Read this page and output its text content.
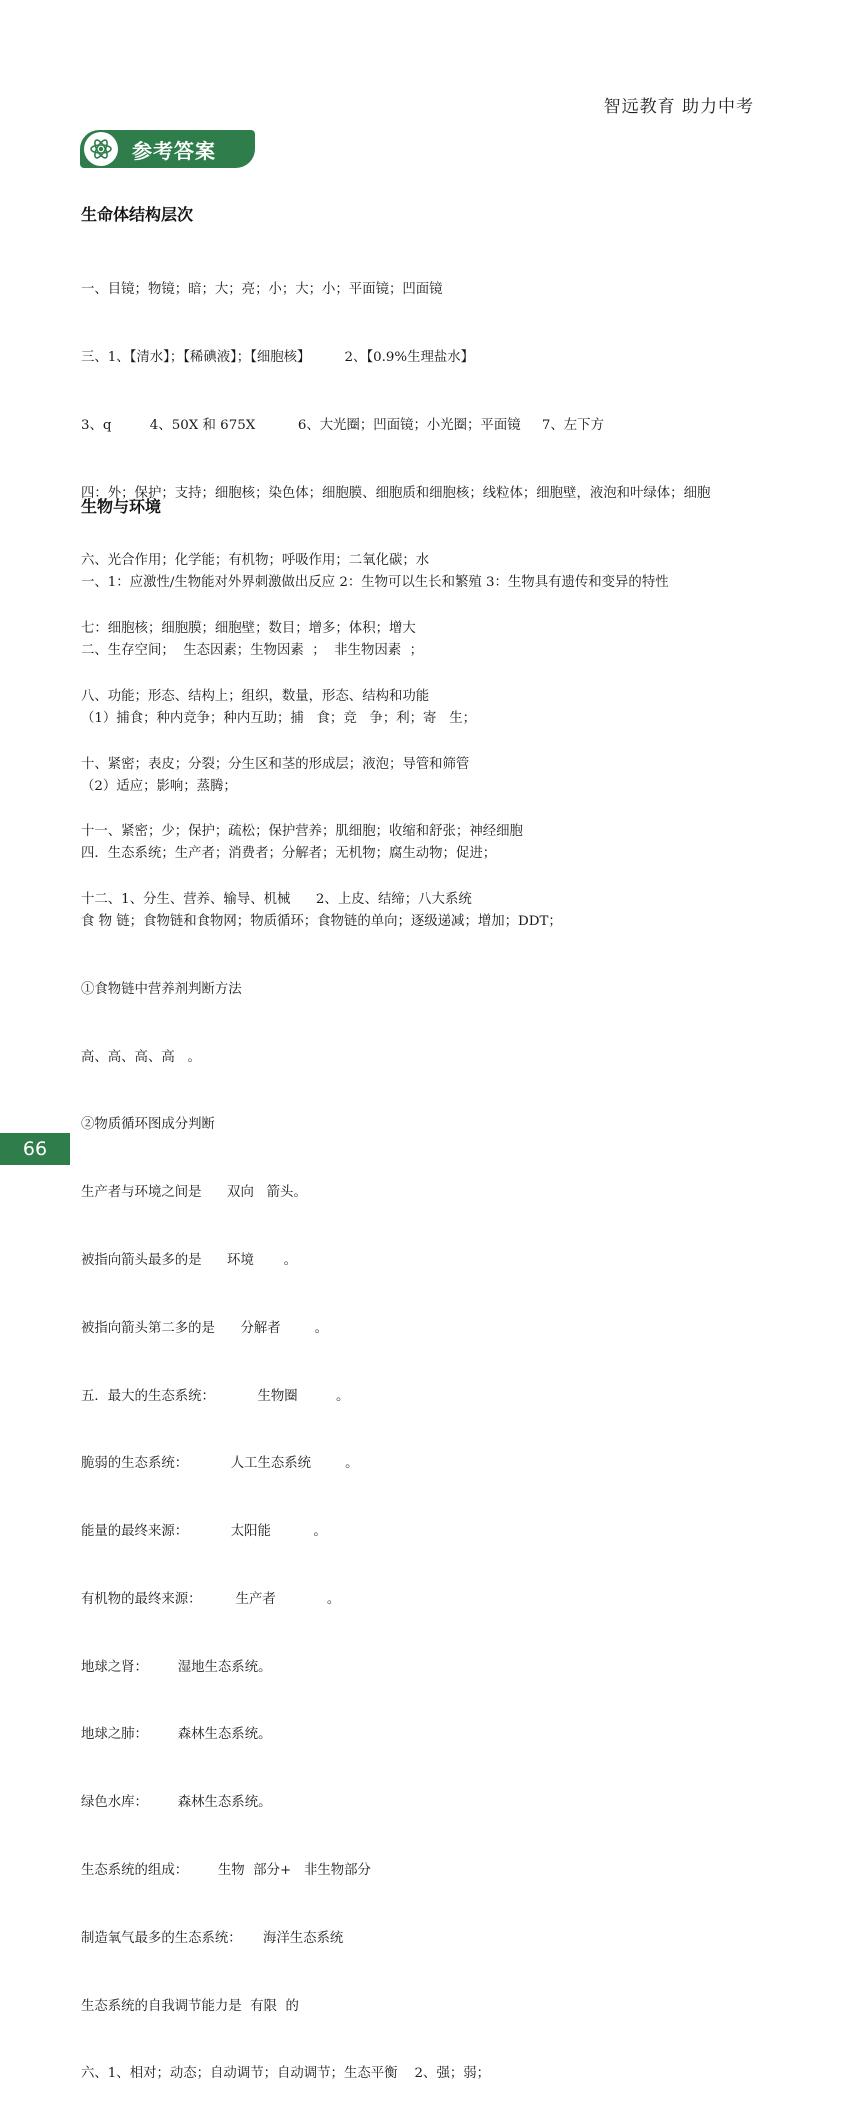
智远教育 助力中考
参考答案
生命体结构层次

一、目镜；物镜；暗；大；亮；小；大；小；平面镜；凹面镜

三、1、【清水】；【稀碘液】；【细胞核】        2、【0.9%生理盐水】

3、q         4、50X 和 675X          6、大光圈；凹面镜；小光圈；平面镜     7、左下方

四：外；保护；支持；细胞核；染色体；细胞膜、细胞质和细胞核；线粒体；细胞壁，液泡和叶绿体；细胞

六、光合作用；化学能；有机物；呼吸作用；二氧化碳；水

七：细胞核；细胞膜；细胞壁；数目；增多；体积；增大

八、功能；形态、结构上；组织，数量，形态、结构和功能

十、紧密；表皮；分裂；分生区和茎的形成层；液泡；导管和筛管

十一、紧密；少；保护；疏松；保护营养；肌细胞；收缩和舒张；神经细胞

十二、1、分生、营养、输导、机械      2、上皮、结缔；八大系统

生物与环境

一、1：应激性/生物能对外界刺激做出反应 2：生物可以生长和繁殖 3：生物具有遗传和变异的特性

二、生存空间；  生态因素；生物因素  ；  非生物因素  ；

（1）捕食；种内竞争；种内互助；捕   食；竞   争；利；寄   生；

（2）适应；影响；蒸腾；

四．生态系统；生产者；消费者；分解者；无机物；腐生动物；促进；

食 物 链；食物链和食物网；物质循环；食物链的单向；逐级递减；增加；DDT；

①食物链中营养剂判断方法

高、高、高、高   。

②物质循环图成分判断

生产者与环境之间是      双向   箭头。

被指向箭头最多的是      环境       。

被指向箭头第二多的是      分解者        。

五．最大的生态系统：          生物圈         。

脆弱的生态系统：          人工生态系统        。

能量的最终来源：          太阳能          。

有机物的最终来源：        生产者            。

地球之肾：       湿地生态系统。

地球之肺：       森林生态系统。

绿色水库：       森林生态系统。

生态系统的组成：       生物  部分+   非生物部分

制造氧气最多的生态系统：     海洋生态系统

生态系统的自我调节能力是  有限  的

六、1、相对；动态；自动调节；自动调节；生态平衡    2、强；弱；

66
